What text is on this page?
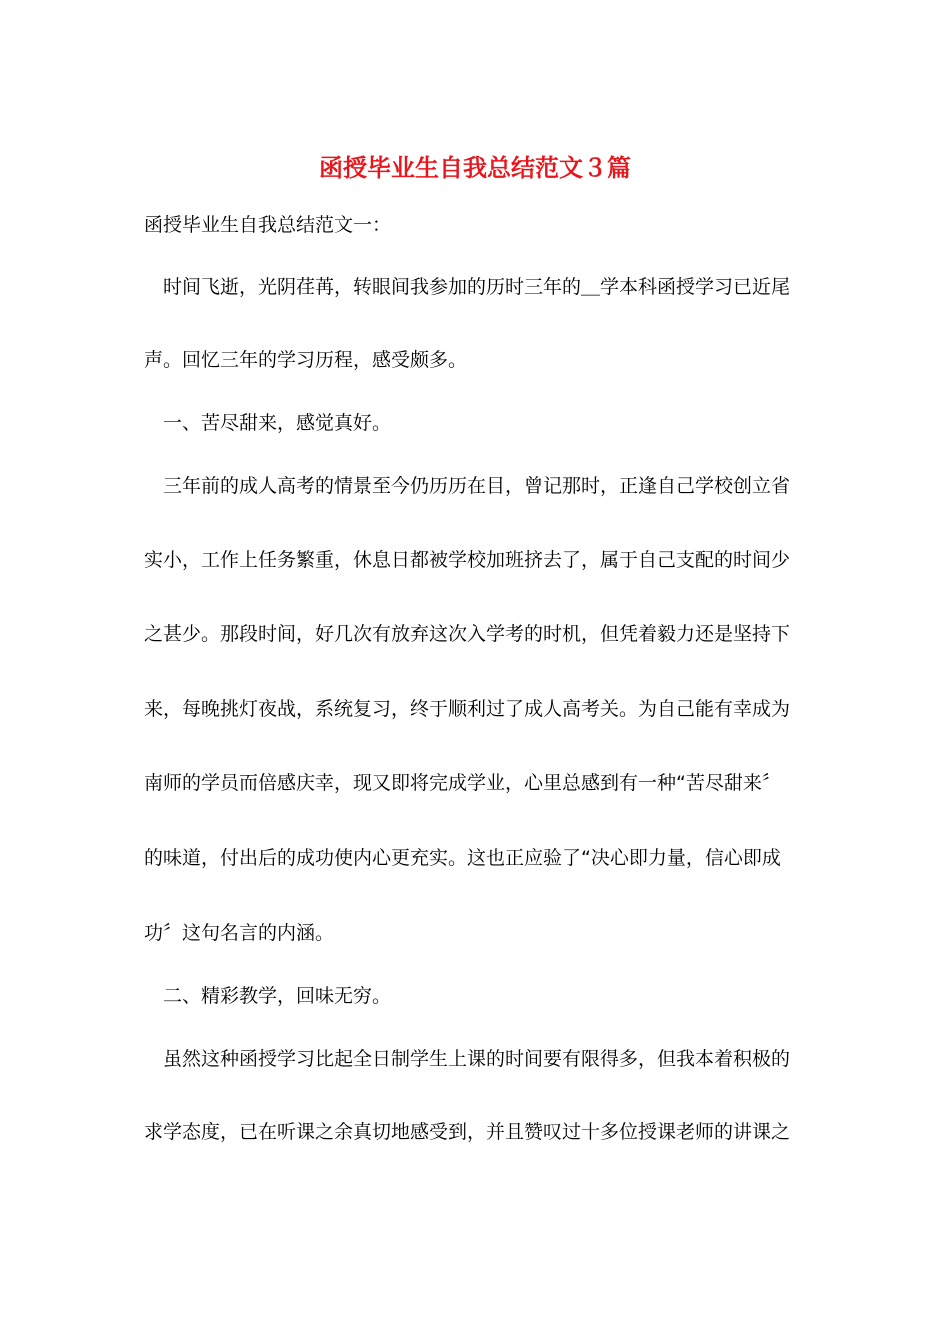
函授毕业生自我总结范文３篇
函授毕业生自我总结范文一：
时间飞逝，光阴荏苒，转眼间我参加的历时三年的＿学本科函授学习已近尾
声。回忆三年的学习历程，感受颇多。
一、苦尽甜来，感觉真好。
三年前的成人高考的情景至今仍历历在目，曾记那时，正逢自己学校创立省
实小，工作上任务繁重，休息日都被学校加班挤去了，属于自己支配的时间少
之甚少。那段时间，好几次有放弃这次入学考的时机，但凭着毅力还是坚持下
来，每晚挑灯夜战，系统复习，终于顺利过了成人高考关。为自己能有幸成为
南师的学员而倍感庆幸，现又即将完成学业，心里总感到有一种“苦尽甜来〞
的味道，付出后的成功使内心更充实。这也正应验了“决心即力量，信心即成
功〞这句名言的内涵。
二、精彩教学，回味无穷。
虽然这种函授学习比起全日制学生上课的时间要有限得多，但我本着积极的
求学态度，已在听课之余真切地感受到，并且赞叹过十多位授课老师的讲课之
